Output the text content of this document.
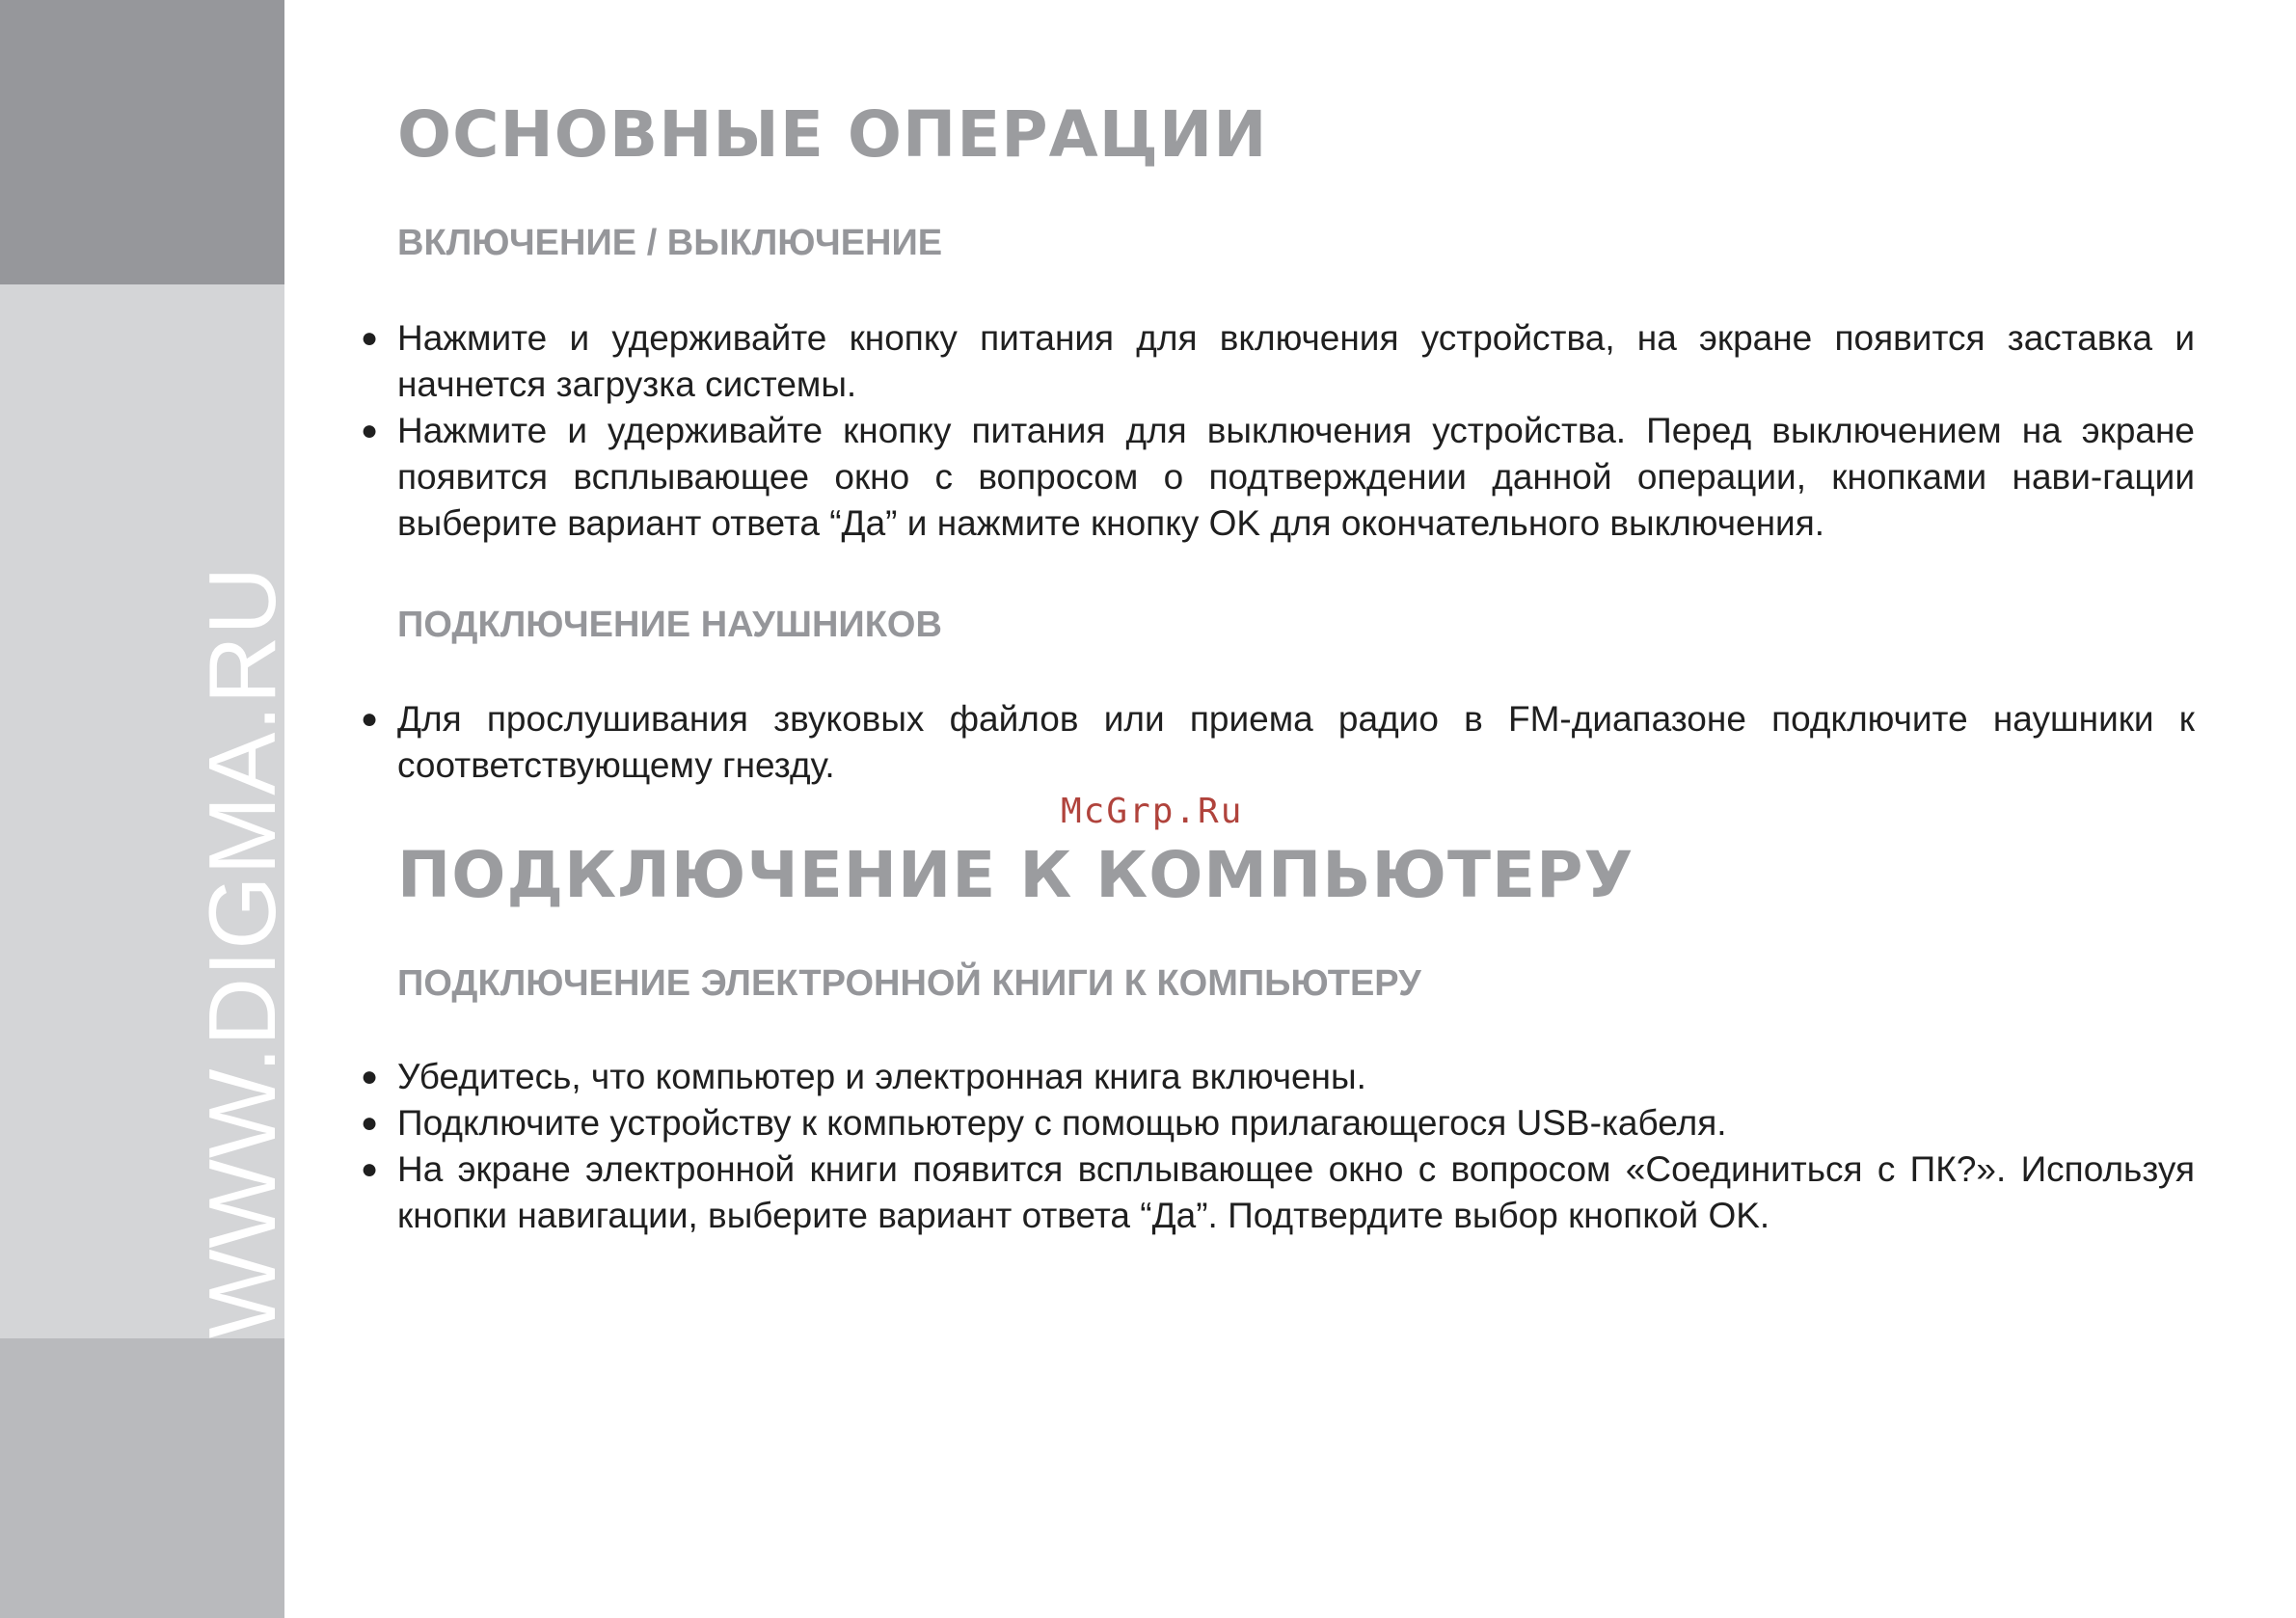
WWW.DIGMA.RU
ОСНОВНЫЕ ОПЕРАЦИИ
ВКЛЮЧЕНИЕ / ВЫКЛЮЧЕНИЕ
● Нажмите и удерживайте кнопку питания для включения устройства, на экране появится заставка и начнется загрузка системы.
● Нажмите и удерживайте кнопку питания для выключения устройства. Перед выключением на экране появится всплывающее окно с вопросом о подтверждении данной операции, кнопками нави-гации выберите вариант ответа “Да” и нажмите кнопку OK для окончательного выключения.
ПОДКЛЮЧЕНИЕ НАУШНИКОВ
● Для прослушивания звуковых файлов или приема радио в FM-диапазоне подключите наушники к соответствующему гнезду.
McGrp.Ru
ПОДКЛЮЧЕНИЕ К КОМПЬЮТЕРУ
ПОДКЛЮЧЕНИЕ ЭЛЕКТРОННОЙ КНИГИ К КОМПЬЮТЕРУ
● Убедитесь, что компьютер и электронная книга включены.
● Подключите устройству к компьютеру с помощью прилагающегося USB-кабеля.
● На экране электронной книги появится всплывающее окно с вопросом «Соединиться с ПК?». Используя кнопки навигации, выберите вариант ответа “Да”. Подтвердите выбор кнопкой OK.
